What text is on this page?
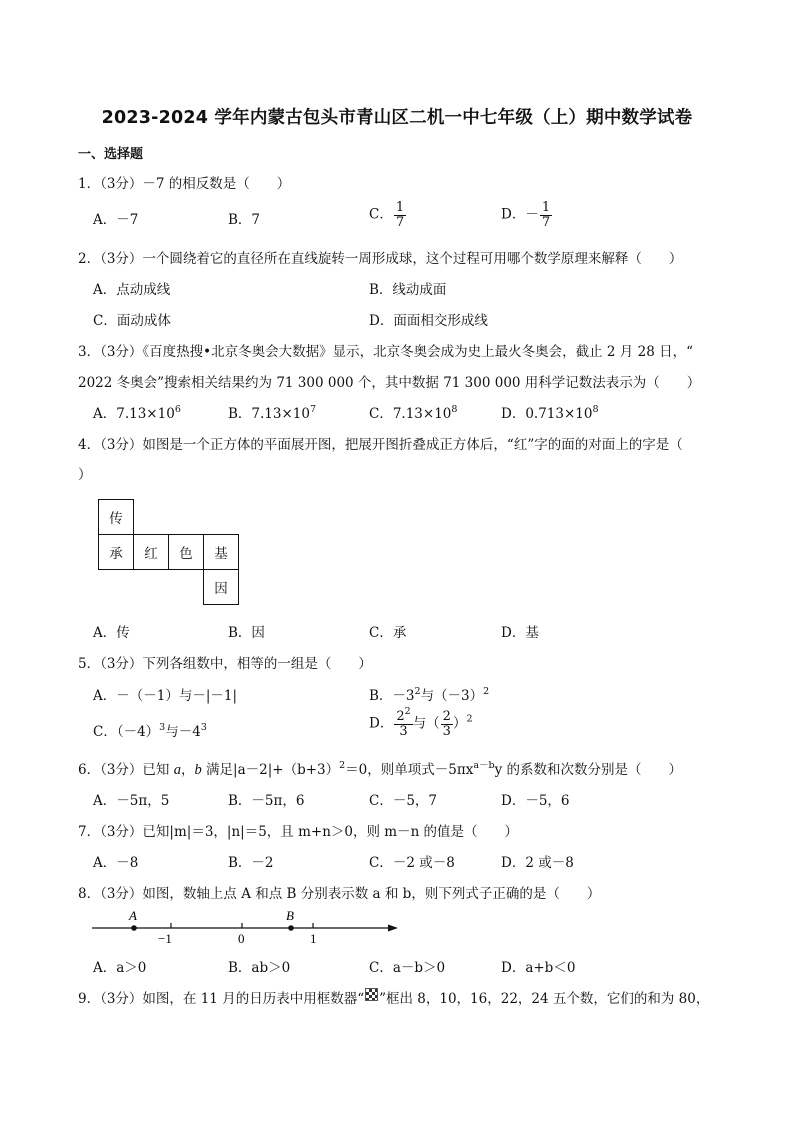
2023-2024 学年内蒙古包头市青山区二机一中七年级（上）期中数学试卷
一、选择题
1．（3分）－7 的相反数是（　　）
A．－7	B．7	C． $\frac{1}{7}$	D．－ $\frac{1}{7}$
2．（3分）一个圆绕着它的直径所在直线旋转一周形成球，这个过程可用哪个数学原理来解释（　　）
A．点动成线	B．线动成面
C．面动成体	D．面面相交形成线
3．（3分）《百度热搜•北京冬奥会大数据》显示，北京冬奥会成为史上最火冬奥会，截止 2 月 28 日，“
2022 冬奥会”搜索相关结果约为 71 300 000 个，其中数据 71 300 000 用科学记数法表示为（　　）
A．$7.13\times 10^6$	B．$7.13\times 10^7$	C．$7.13\times 10^8$	D．$0.713\times 10^8$
4．（3分）如图是一个正方体的平面展开图，把展开图折叠成正方体后，“红”字的面的对面上的字是（
）
传
承	红	色	基
因
A．传	B．因	C．承	D．基
5．（3分）下列各组数中，相等的一组是（　　）
A．－（－1）与－|－1|	B．$-3^2$与$(-3)^2$
C．$(-4)^3$与$-4^3$	D． $\frac{2^2}{3}$ 与（ $\frac{2}{3} )^2$
6．（3分）已知 a，b 满足$|a-2|+(b+3)^2=0$，则单项式$-5\pi x^{a-b}y$ 的系数和次数分别是（　　）
A．－5π，5	B．－5π，6	C．－5，7	D．－5，6
7．（3分）已知|m|＝3，|n|＝5，且 m+n＞0，则 m－n 的值是（　　）
A．－8	B．－2	C．－2 或－8	D．2 或－8
8．（3分）如图，数轴上点 A 和点 B 分别表示数 a 和 b，则下列式子正确的是（　　）
A	B
−1	0	1
A．a＞0	B．ab＞0	C．a－b＞0	D．a+b＜0
9．（3分）如图，在 11 月的日历表中用框数器“ ”框出 8，10，16，22，24 五个数，它们的和为 80，
